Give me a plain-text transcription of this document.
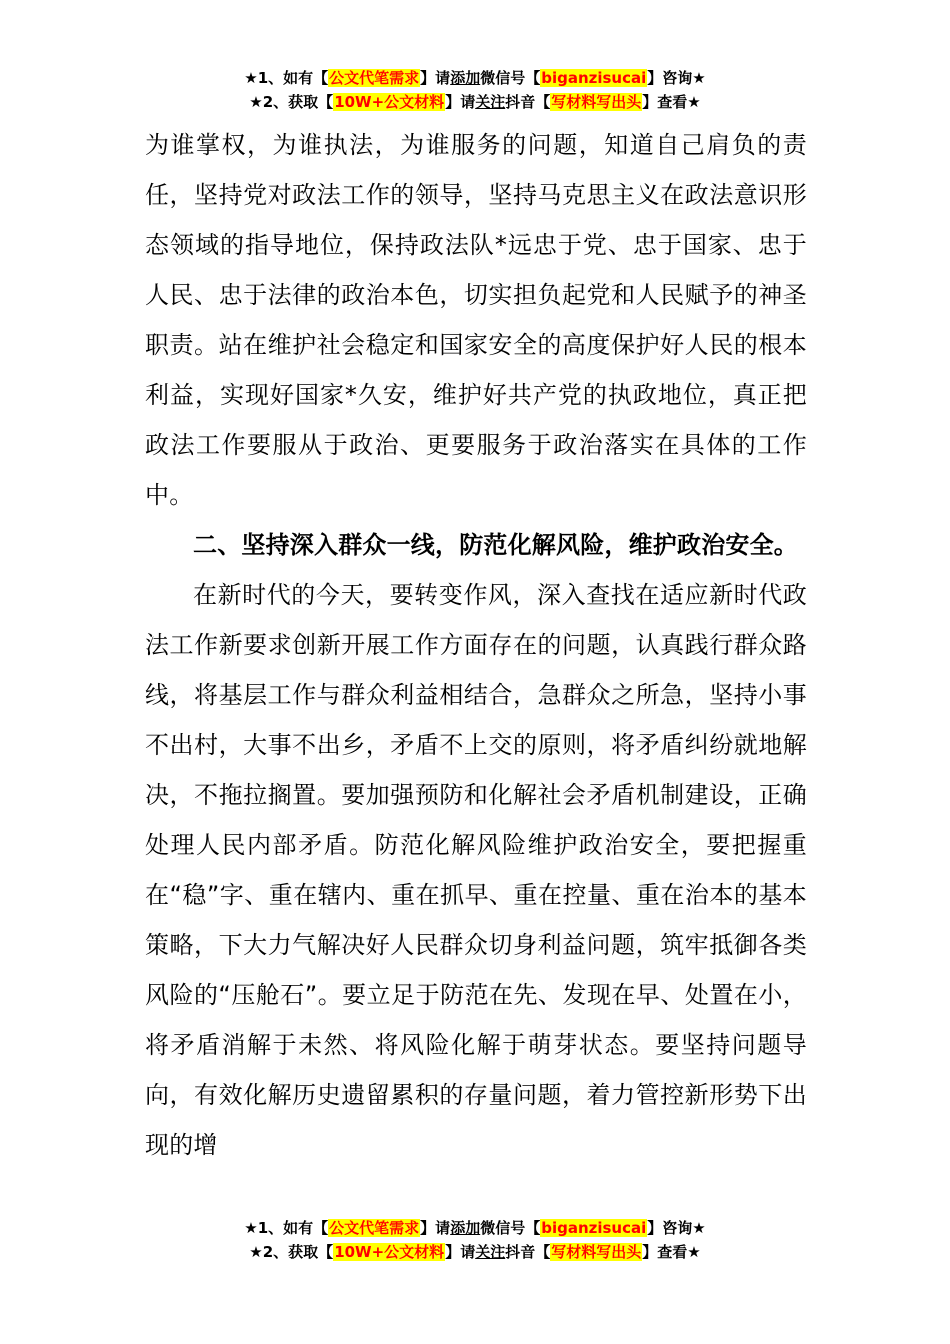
★1、如有【公文代笔需求】请添加微信号【biganzisucai】咨询★
★2、获取【10W+公文材料】请关注抖音【写材料写出头】查看★

为谁掌权，为谁执法，为谁服务的问题，知道自己肩负的责任，坚持党对政法工作的领导，坚持马克思主义在政法意识形态领域的指导地位，保持政法队*远忠于党、忠于国家、忠于人民、忠于法律的政治本色，切实担负起党和人民赋予的神圣职责。站在维护社会稳定和国家安全的高度保护好人民的根本利益，实现好国家*久安，维护好共产党的执政地位，真正把政法工作要服从于政治、更要服务于政治落实在具体的工作中。

二、坚持深入群众一线，防范化解风险，维护政治安全。

在新时代的今天，要转变作风，深入查找在适应新时代政法工作新要求创新开展工作方面存在的问题，认真践行群众路线，将基层工作与群众利益相结合，急群众之所急，坚持小事不出村，大事不出乡，矛盾不上交的原则，将矛盾纠纷就地解决，不拖拉搁置。要加强预防和化解社会矛盾机制建设，正确处理人民内部矛盾。防范化解风险维护政治安全，要把握重在“稳”字、重在辖内、重在抓早、重在控量、重在治本的基本策略，下大力气解决好人民群众切身利益问题，筑牢抵御各类风险的“压舱石”。要立足于防范在先、发现在早、处置在小，将矛盾消解于未然、将风险化解于萌芽状态。要坚持问题导向，有效化解历史遗留累积的存量问题，着力管控新形势下出现的增

★1、如有【公文代笔需求】请添加微信号【biganzisucai】咨询★
★2、获取【10W+公文材料】请关注抖音【写材料写出头】查看★
